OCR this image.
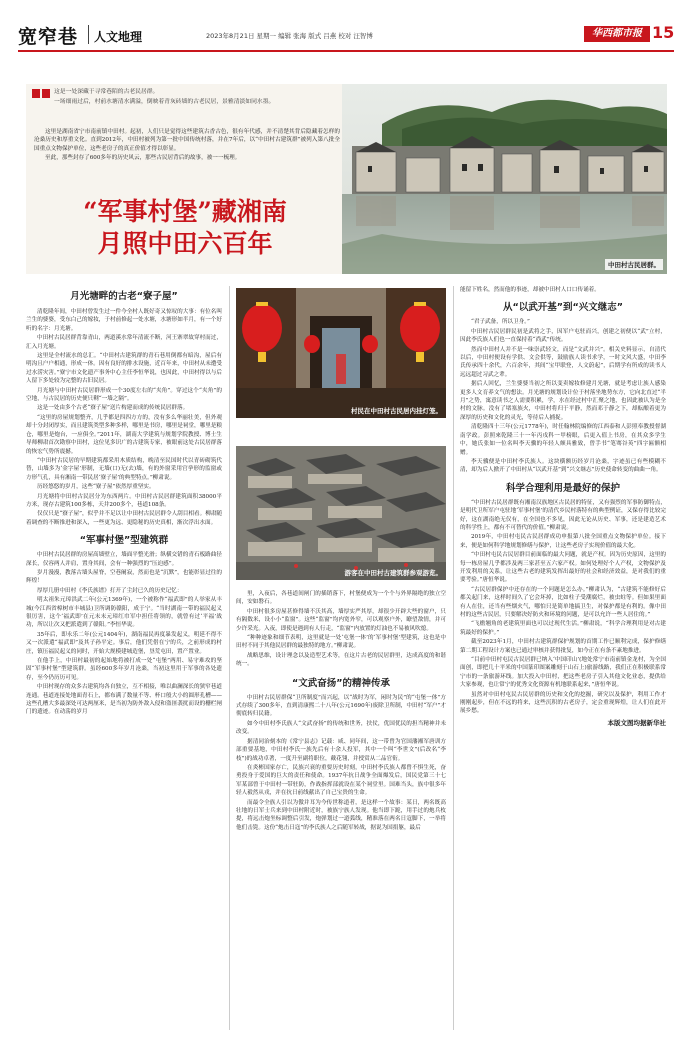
宽窄巷 人文地理	2023年8月21日 星期一 编辑 张海 版式 吕燕 校对 汪智博	华西都市报 15
这是一处深藏于寻常巷陌的古老民居群。
一场细雨过后，村前水塘清水满溢，倒映着青灰砖墙的古老民居，景雅清淡如同水墨。

这里是湖南省宁市南前镇中田村。起初，人们只是觉得这些建筑古香古色，很有年代感，并不清楚其背后隐藏着怎样的沧桑历史和厚重文化。直到2012年，中田村被列为第一批中国传统村落，并在7年后，以“中田村古建筑群”被列入第八批全国重点文物保护单位，这些老房子的真正价值才得以彰显。

至此，那些封存了600多年的历史风云，那些古民居背后的故事，被一一梳理。

“军事村堡”藏湘南
月照中田六百年
中田村古民居群。
月光塘畔的古老“寮子屋”

清乾隆年间，中田村曾发生过一件今全村人既好奇又惊叹的大事：有位名叫兰生的婆婆，受东白己的嫁妆，于村前修起一处水塘，水塘形如半月，有一个好听的名字：月光塘。

中田村古民居群背靠青山，两道溪水常年清流不断，河王寨翠故穿村而过，汇入月光塘。

这里是全村流水的总汇。“中田村古建筑群的青石巷用倒都有暗沟，屋后有明沟且户户相通，形成一体。因有良好的排水设施，近百年来，中田村从未遭受过水涝灾害。”寮宁市文化遗产事务中心主任李恒华说，也因此，中田村得以与后人留下多处较为完整的古旧民居。

月光塘与中田村古民居群形成一个30度左右的“夹角”。穿过这个“夹角”的空地，与古民居的历史便只剩“一墙之隔”。

这是一处由多个古老“寮子屋”送片构建而成的传统民居群落。

“这里的房屋规划整齐，几乎都是四四方方的，没有多么华丽壮美，但外观却十分封闭厚实，而且建筑类型多种多样，哪里是书房，哪里是祠堂，哪里是粮仓，哪里是炮台，一应俱全。”2011年，湖南大学建筑与规划学院教授、博士生导师柳肃首次勘察中田村，这位见多识广的古建筑专家，被眼前这处古民居群落的恢宏气势所震撼。

“中田村古民居的早期建筑都采用木质结构，晚清至民国时代以青砖砌筑代替，山墙多为‘金字屋’形制，无墙(口)无(去)墙，有的外窗采用官挙形的监窗或方形气孔，具有湘南一带民居‘寮子屋’的典型特点。”柳肃说。

历经悠悠的岁月，这些“寮子屋”依然厚重坚实。

月光塘将中田村古民居分为东西两片。中田村古民居群建筑面积38000平方米，现存古建筑100多栋，天井200多个，巷道108条。

仅仅只是“寮子屋”，似乎并不足以让中田村古民居群令人刮目相看。柳肃随着调查的不断推进和深入，一些更为远、更隐秘的历史真相，渐次浮出水面。

“军事村堡”型建筑群

中田村古民居群的房屋高墙壁立，墙面平整光滑；纵横交错的青石板路曲径深长，仅容两人并肩，置身其间，会有一种强烈的“压迫感”。

岁月漫漫，教落古墙头屋脊，空巷阑寂，然而也是“沉默”，也能彰显过往的辉煌！

厚厚几册中田村《李氏族谱》打开了尘封已久的历史记忆：

明太祖朱元璋洪武二年(公元1369年)，一个被称作“福武即”的人举家从丰城(今江西省樟树市丰城县)卫所调防赣阳，成于宁。“当时湖南一带的福民起义很厉害，这个‘福武即’在元末末元璋红巾军中担任将领的，就曾有过‘平福’战功，所以让次又把派遣到了赣阳。”李恒华说。

35年后，即永乐二年(公元1404年)，湖南福民再度暴发起义，明延不得不又一次派遣“福武即”及其子孙平定。事后，他们凭借在宁的兵，之前形成的村庄，镇压福民起义的同时，开始大规模建城造堡，垦荒屯田，置产置业。

在他手上，中田村最初的起始地将被打成一处“屯堡”两用、易守难攻的坚固“军事村堡”型建筑群。虽经600多年岁月沧桑，当初这里用于军事的各处遗存，至今仍历历可见。

中田村现存的众多古建筑均各自独立，互不相接，唯以曲澜深长的狭窄巷道连通。巷道连接处地面青石上，都布满了数量不等、杯口般大小的圆形孔槽——这些孔槽大多最深处可达两厘米，是当初为防外敌入侵和盗匪袭扰而设的栅栏闸门的遗迹。在动荡的岁月

村民在中田村古民居内挂灯笼。
游客在中田村古建筑群参观游览。

里，入夜后，各巷道间闸门的插销落下，村堡便成为一个个与外界隔绝的独立空间，安如磐石。

中田村很多房屋甚修得墙不沃其高，墙厚实严其厚，却很少开辟大些的窗户，只有隔数米，设小小“监窗”。这些“监窗”均内宽外窄，可以观察户外，瞭望敌情，并可少许采光。入夜，即使是遇到有人行走，“监窗”内放置的灯油也不易被风吹熄。

“种种迹象和细节表明，这里就是一处‘屯堡一体’的‘军事村堡’型建筑，这也是中田村不同于其他民居群的最独特的地方。”柳肃说。

战略思维，设计理念以及造型艺术等，在这片古老的民居群里，达成高度的和谐统一。

“文武奋扬”的精神传承

中田村古民居群保“卫所制度”而兴起，以“战时为军，闲时为民”的“屯堡一体”方式存续了300多年，直到清康熙二十八年(公元1690年)废除卫所制，中田村“军户”才彻底转归民籍。

如今中田村李氏族人“文武奋扬”的传统和世务，扶仗，优国优民的担当精神并未改变。

据清同治刻本的《常宁县志》记载：咸、同年间，这一带曾为官国藩湘军唐训方部重要基地，中田村李氏一族先后有十余人投军，其中一个叫“李世文”(后改名“李枝”)的战功卓著，一度升至副将职位，戴花翎，并授赏从二品官衔。

在炎彬国家存亡，民族兴衰的重要历史时刻，中田村李氏族人都曾不惧生死，奋勇投身于爱国的巨大的责任和使命。1937年抗日战争全面爆发后，国民党第三十七军某部曾于中田村一带驻防，作战指挥部就设在某个祠堂里。国难当头，族中很多年轻人毅然从戎，并在抗日前线献出了自己宝贵的生命。

而最令全族人引以为傲并耳为今传世称道者，是这样一个故事：某日，两名既高壮地的日军士兵来到中田村附近时，被族宁族人发现。他当即下跪，用手过的炮兵枚提，将远击炮坐标调整后引发，炮弹划过一道弧线，精准落在两名日寇脚下，一举将他们击毙。这份“炮击日寇”的李氏族人之后随军转战，据说为国捐躯，最后

能留下姓名，然而他的事迹，却被中田村人口口传诵着。

从“以武开基”到“兴文继志”

“君子武备，所以卫身。”

中田村古民居群民初是武将之手，因军户屯驻而兴，创建之初便以“武”立村，因此李氏族人们也一直保持着“尚武”传统。

然而中田村人并不是一味崇武轻文，而是“文武并兴”。相关史料显示，自清代以后，中田村便设有学供、文会供等，鼓励族人读书求学，一时文风大盛，中田李氏传承四十余代，六百余年，其间“宝甲联登，人文蔚起”，后期学有所成的读书人远远超过习武之辈。

据后人回忆，兰生婆婆当初之所以变卖嫁妆修建月光塘，就是考虑让族人感染更多人文育养文气的想法。月光塘的规划设计位于村落坐地势东方，它向北直过“半月”之势，寓意读书之人需要积累，学，水在经过村中汇聚之地，也因此被认为是全村的文脉。没有了堵塞族火，中田村将归于平静，然而邓于静之下，却酝酿着更为深厚的历史和文化的灵光，等待后人捕捉。

清乾隆四十三年(公元1778年)，时任翰林院编修的江西泰和人彭照奉教授督湖南学政。彭照來乾隆三十一年丙戌科一甲榜眼，后更入值上书房，在其众多学生中，她氏张如一位名叫李天骥的年轻人颇具雅致，曾手书“笔骞谷英”四字匾额相赠。

李天骥便是中田村李氏族人。这块横额历经岁月沧桑，字迹虽已有些模糊不清，却为后人掀开了中田村从“以武开基”到“兴文继志”历史使命转变的曲曲一角。

科学合理利用是最好的保护

“中田村古民居群既有湘南汉族地区古民居的特征，又有强烈的军事防御特点，是明代卫所军户屯驻地‘军事村堡’的清代乡民村落特有的典型例证，又保存得比较完好，这在湖南绝无仅有，在全国也不多见，因此无论从历史、军事，还是建造艺术的科学性上，都有不可替代的价值。”柳肃说。

2019年，中田村屯民古民居群成功申报第八批全国重点文物保护单位。接下来，便是如何科学地规划修缮与保护，让这些老房子实现价值的最大化。

“中田村屯民古民居群目前面临的最大问题，就是产权。因为历史原因，这里的每一栋房屋几乎都涉及两三家甚至五六家产权。如何处理好个人产权，文物保护及开发利用的关系，让这些古老的建筑发挥出最好的社会和经济效益，是对我们的重要考验。”唐恒华说。

“古民居群保护中还存在的一个问题是怎么办。”柳肃认为，“古建筑不能修好后都关起门来，这样时间久了它会坏掉，比如柱子受潮腐烂，被虫蛀等。但如果里面有人在住，还当有些烟火气，哪怕只是简单地搞卫生，对保护都是有利的。像中田村的这些古民居，只要解决好防火和环境的问题，是可以允许一些人居住的。”

“飞檐翘角的老建筑里面也可以过现代生活。”柳肃说，“科学合理利用是对古建筑最好的保护。”

截至2023年1月，中田村古建筑群保护规划的首期工作已顺利完成，保护修缮第二期工程设计方案也已通过审核并获得批复，如今正在有条不紊地推进。

“目前中田村屯民古民居群已纳入‘中国印山’(地处常宁市南前镇金龙村，为全国面创，即把几十平米的中国篆印图案雕刻于山石上)旅游线路，我们正在积极联系常宁市的一条旅游环线。加大投入中田村，把这些老房子引入其他文化业态，提供给大家参观，也让常宁的优秀文化资源有机地联系起来，”唐恒华说。

虽然对中田村屯民古民居群的历史和文化的挖掘，研究以及保护，利用工作才刚刚起步，但在不远的将来，这些沉积的古老房子，定会重现辉煌，让人们在此开展乡愁。

本版文图均据新华社
